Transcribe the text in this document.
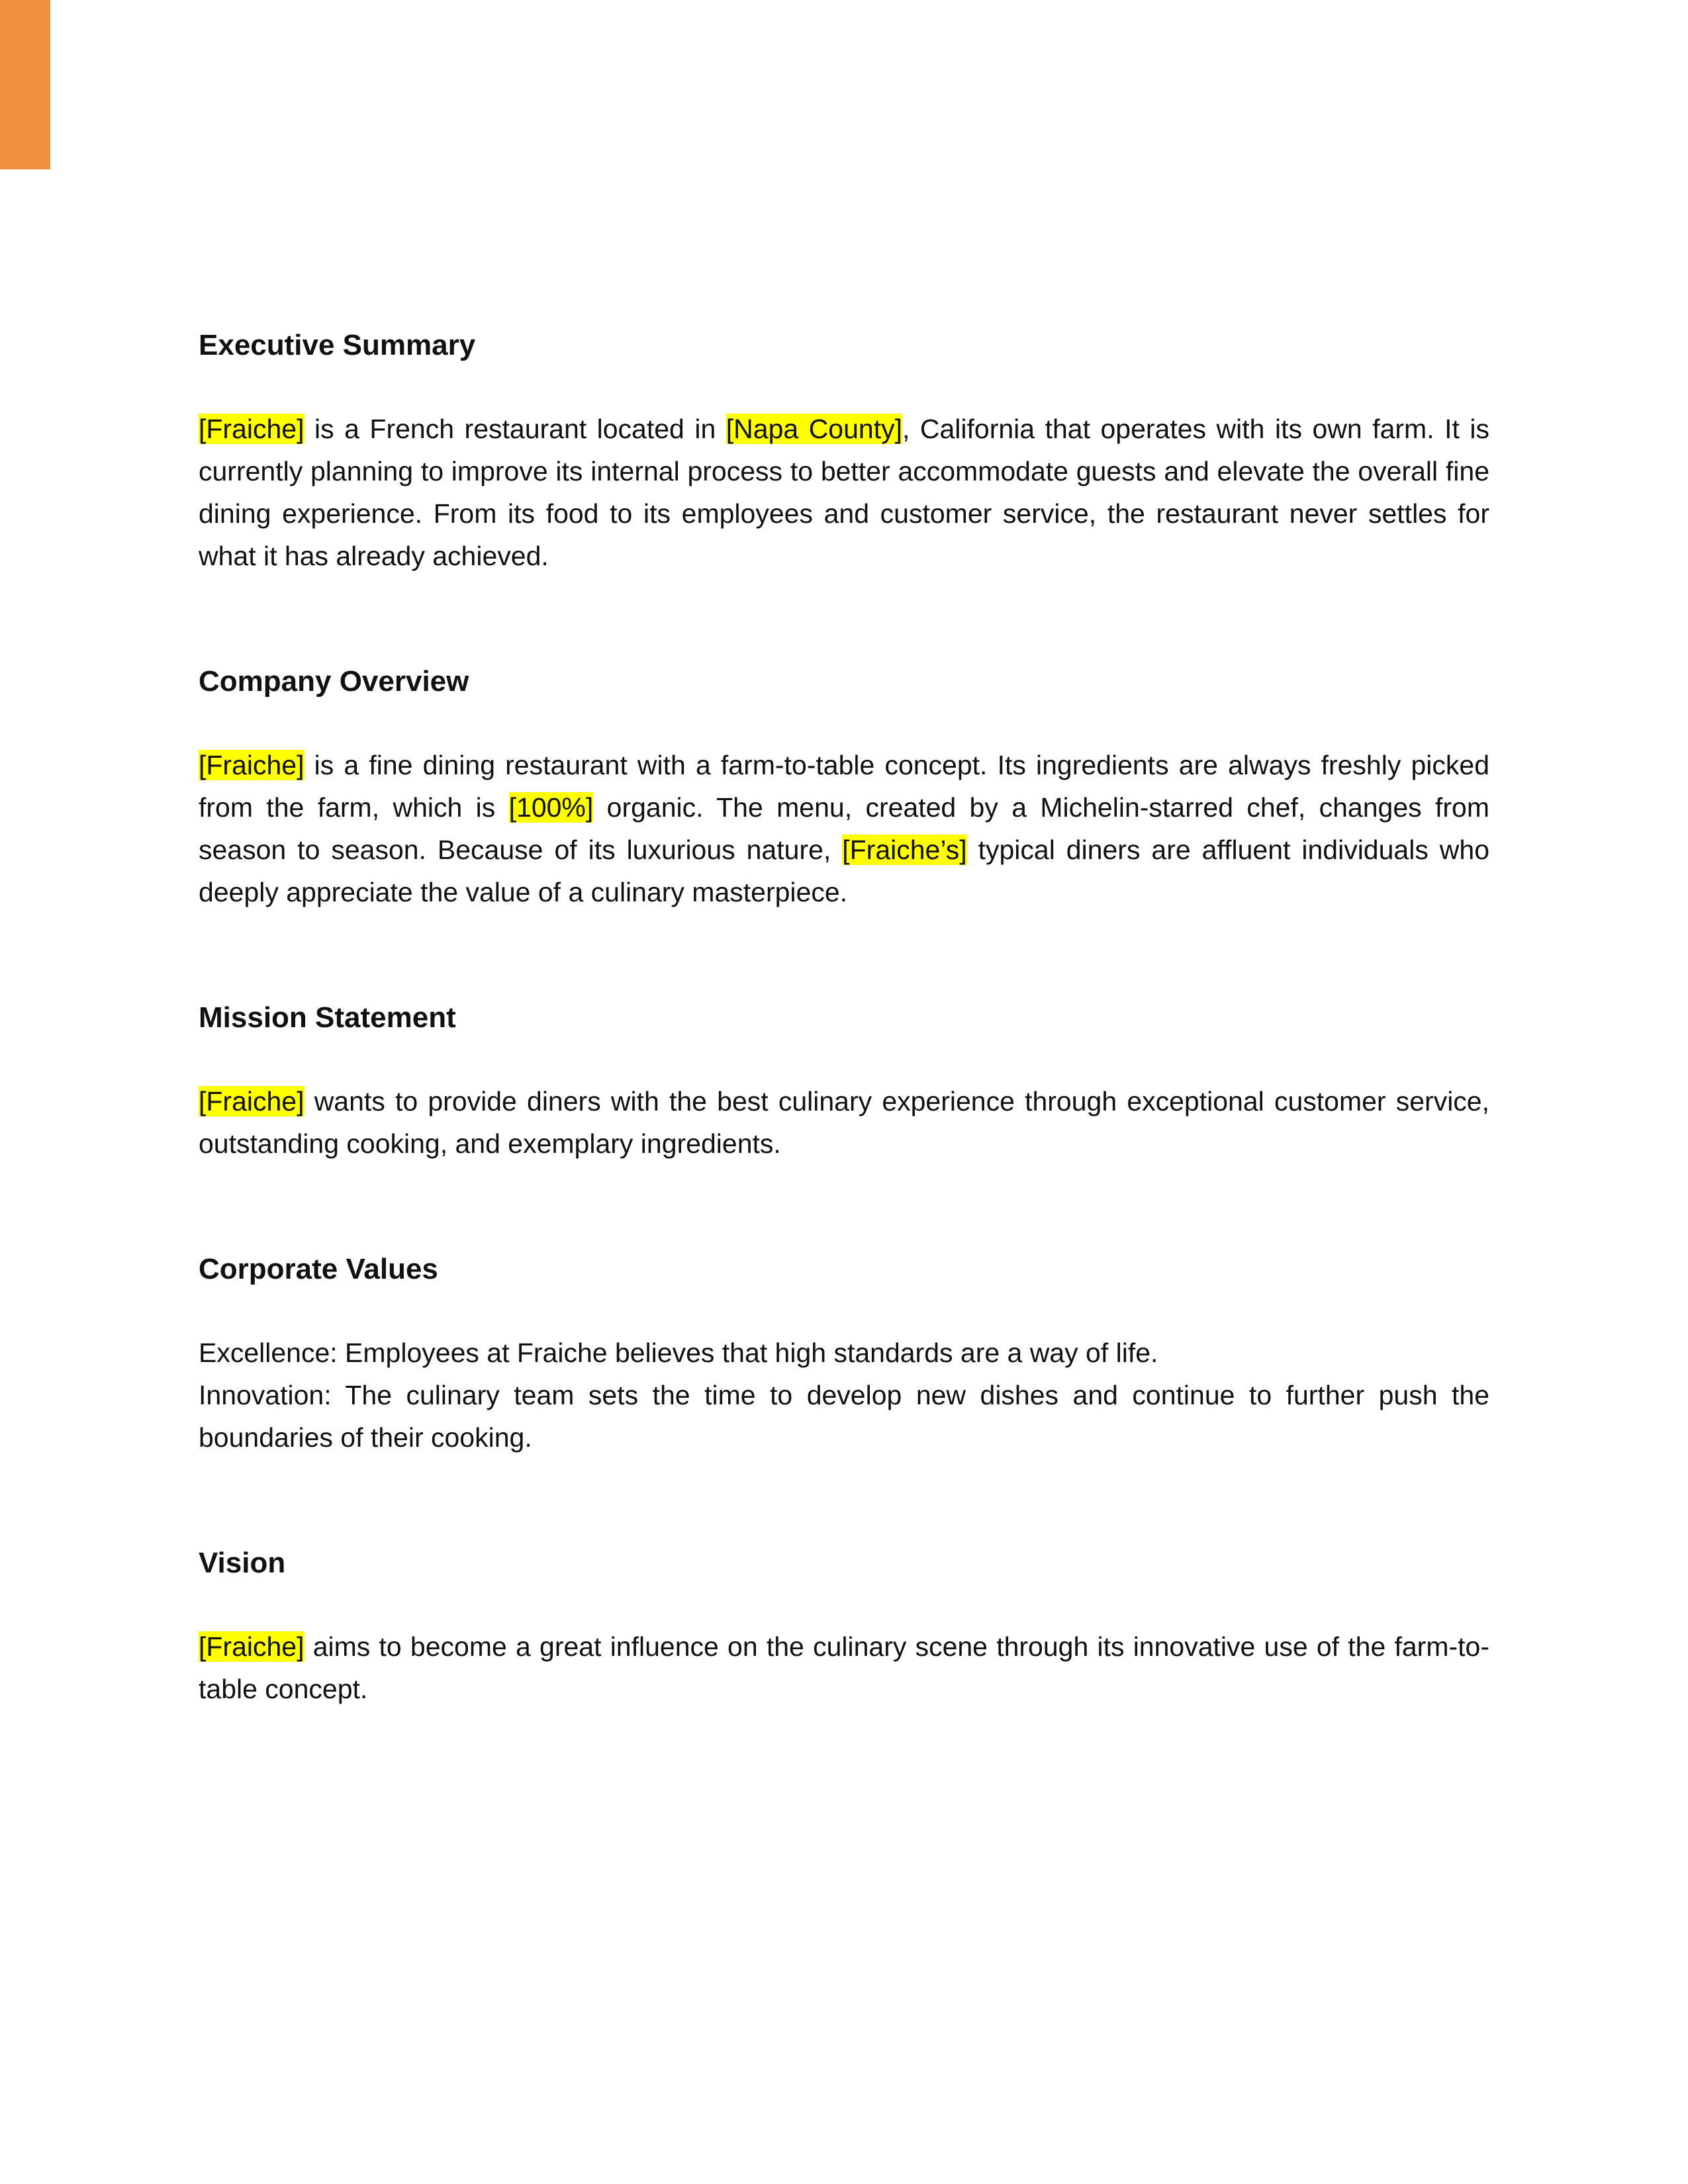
Executive Summary

[Fraiche] is a French restaurant located in [Napa County], California that operates with its own farm. It is currently planning to improve its internal process to better accommodate guests and elevate the overall fine dining experience. From its food to its employees and customer service, the restaurant never settles for what it has already achieved.

Company Overview

[Fraiche] is a fine dining restaurant with a farm-to-table concept. Its ingredients are always freshly picked from the farm, which is [100%] organic. The menu, created by a Michelin-starred chef, changes from season to season. Because of its luxurious nature, [Fraiche’s] typical diners are affluent individuals who deeply appreciate the value of a culinary masterpiece.

Mission Statement

[Fraiche] wants to provide diners with the best culinary experience through exceptional customer service, outstanding cooking, and exemplary ingredients.

Corporate Values

Excellence: Employees at Fraiche believes that high standards are a way of life.

Innovation: The culinary team sets the time to develop new dishes and continue to further push the boundaries of their cooking.

Vision

[Fraiche] aims to become a great influence on the culinary scene through its innovative use of the farm-to-table concept.
